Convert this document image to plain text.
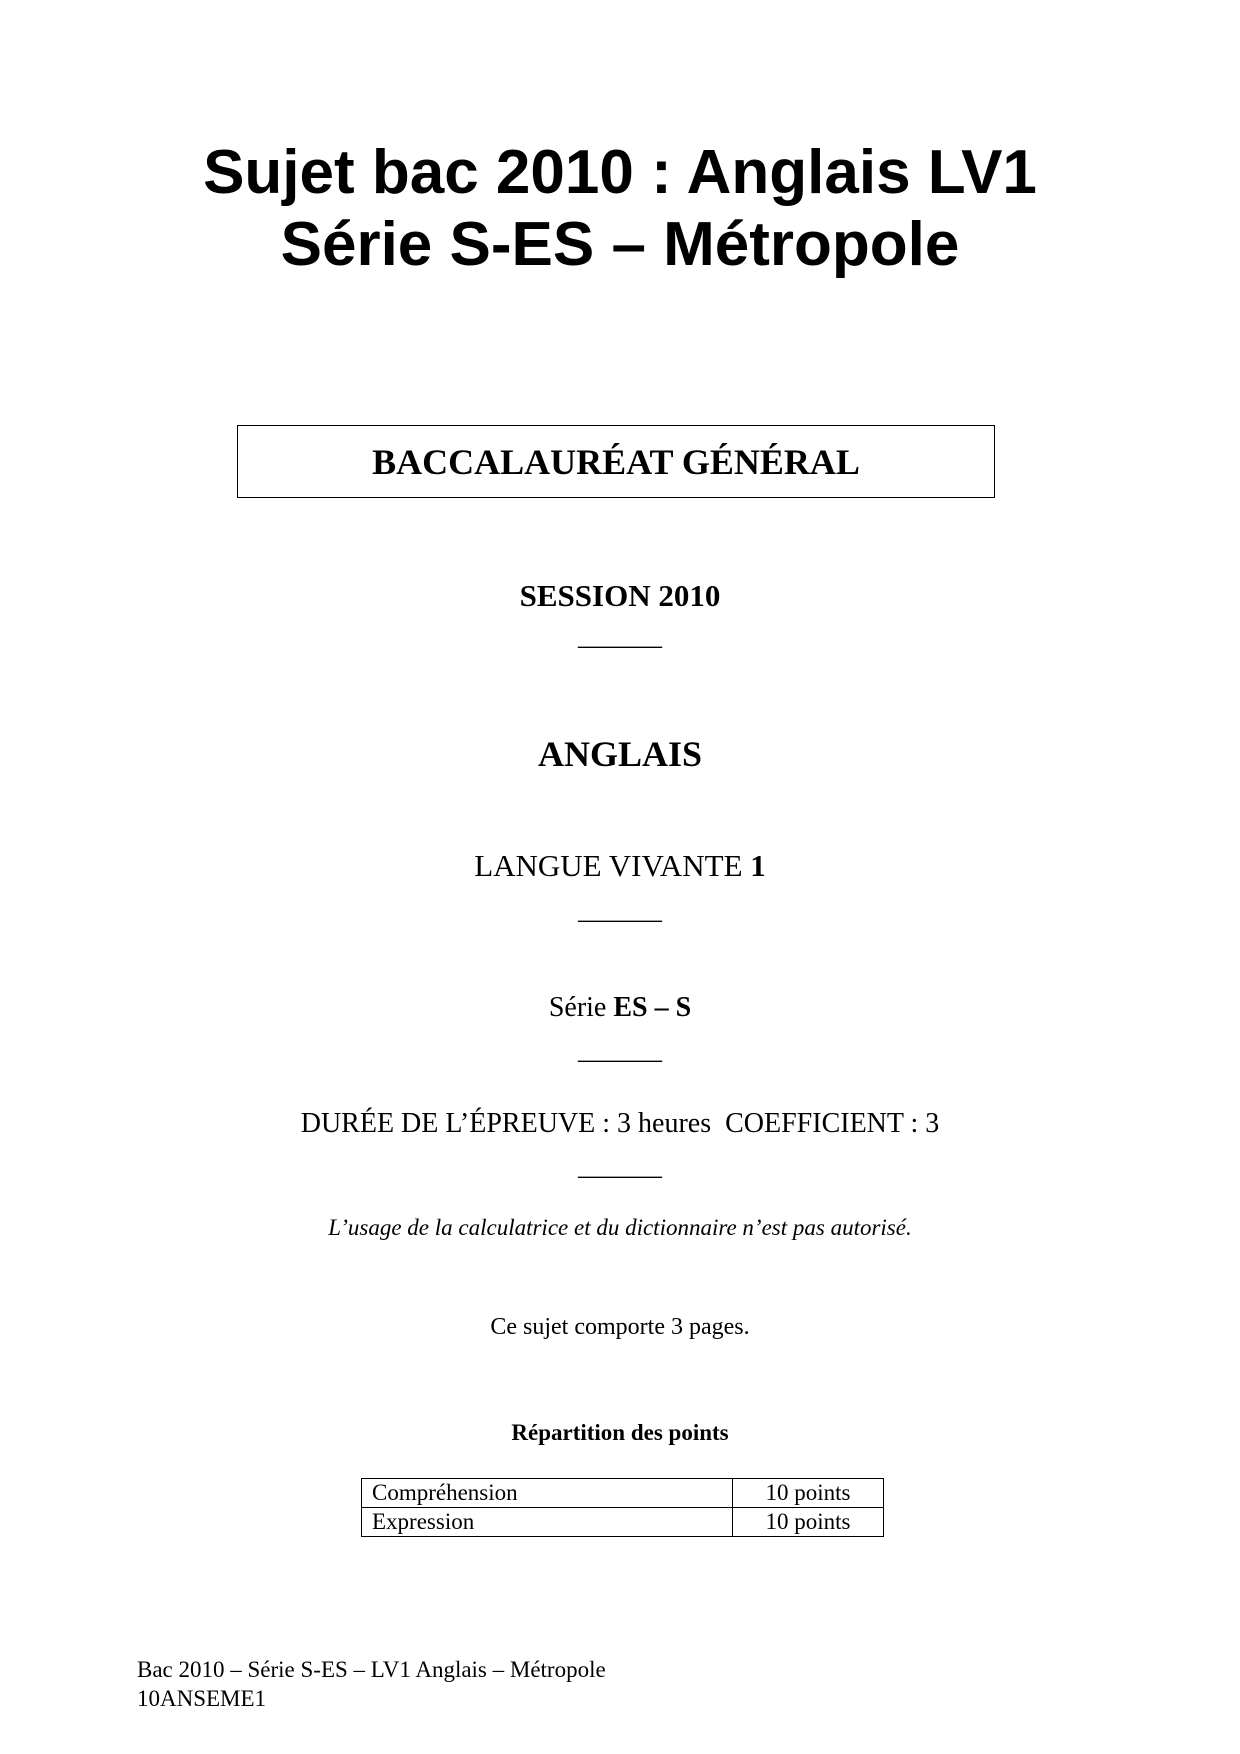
Sujet bac 2010 : Anglais LV1
Série S-ES – Métropole
BACCALAURÉAT GÉNÉRAL
SESSION 2010
———
ANGLAIS
LANGUE VIVANTE 1
———
Série ES – S
———
DURÉE DE L’ÉPREUVE : 3 heures  COEFFICIENT : 3
———
L’usage de la calculatrice et du dictionnaire n’est pas autorisé.
Ce sujet comporte 3 pages.
Répartition des points
Compréhension	10 points
Expression	10 points
Bac 2010 – Série S-ES – LV1 Anglais – Métropole
10ANSEME1
